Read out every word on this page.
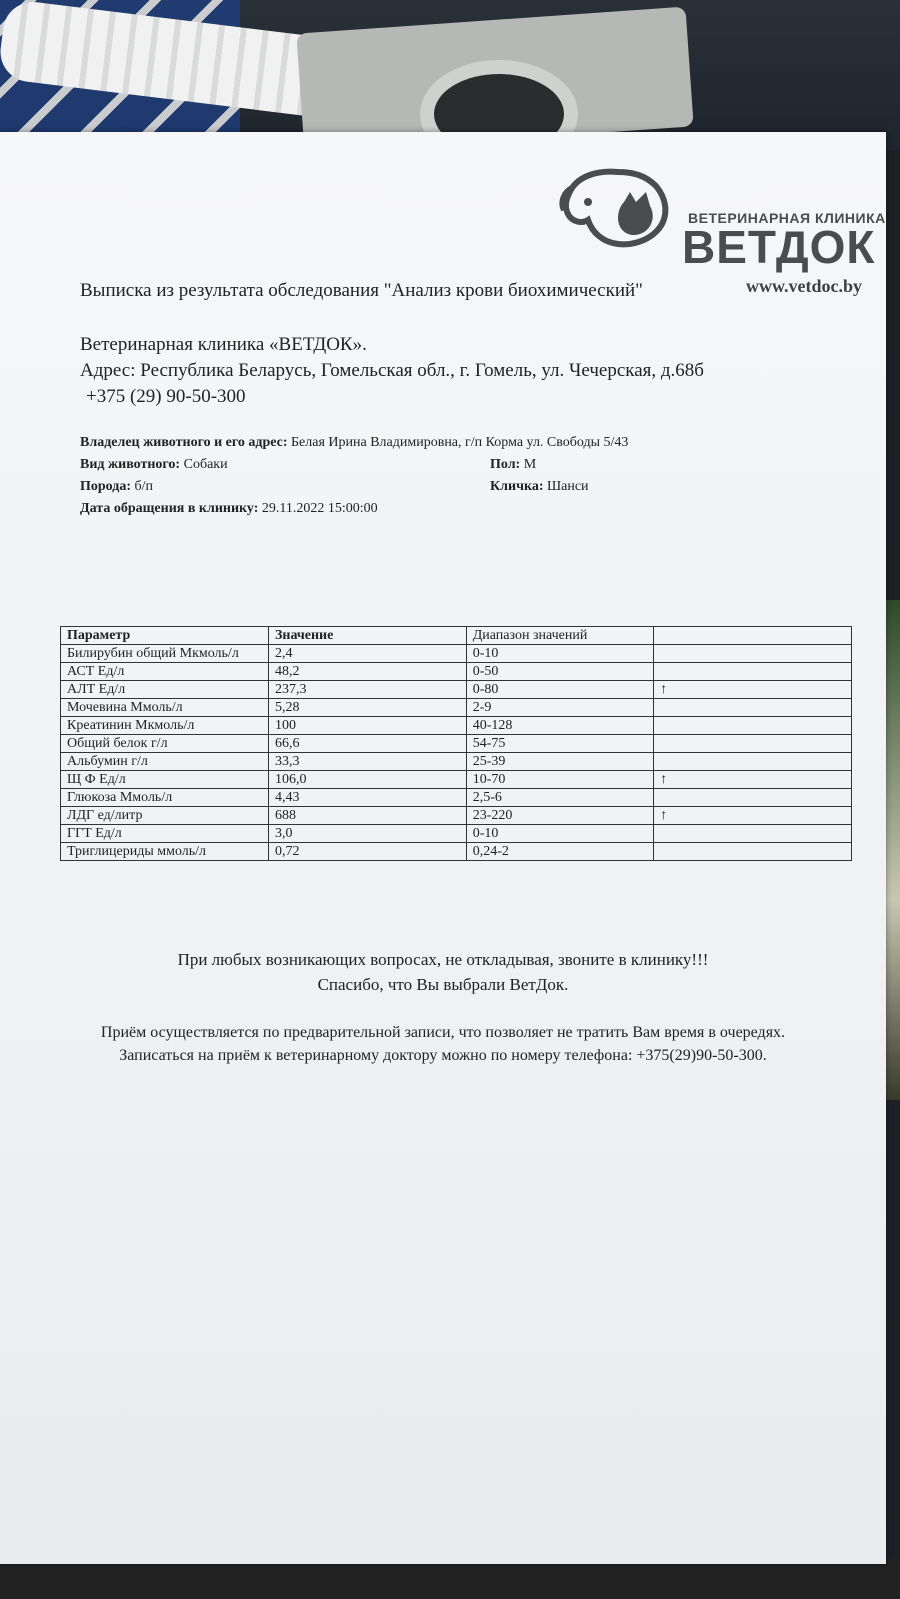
ВЕТЕРИНАРНАЯ КЛИНИКА
ВЕТДОК
www.vetdoc.by
Выписка из результата обследования "Анализ крови биохимический"
Ветеринарная клиника «ВЕТДОК».
Адрес: Республика Беларусь, Гомельская обл., г. Гомель, ул. Чечерская, д.68б
+375 (29) 90-50-300
Владелец животного и его адрес: Белая Ирина Владимировна, г/п Корма ул. Свободы 5/43
Вид животного: Собаки
Порода: б/п
Дата обращения в клинику: 29.11.2022 15:00:00
Пол: М
Кличка: Шанси
Параметр	Значение	Диапазон значений	
Билирубин общий Мкмоль/л	2,4	0-10	
АСТ Ед/л	48,2	0-50	
АЛТ Ед/л	237,3	0-80	↑
Мочевина Ммоль/л	5,28	2-9	
Креатинин Мкмоль/л	100	40-128	
Общий белок г/л	66,6	54-75	
Альбумин г/л	33,3	25-39	
Щ Ф Ед/л	106,0	10-70	↑
Глюкоза Ммоль/л	4,43	2,5-6	
ЛДГ ед/литр	688	23-220	↑
ГГТ Ед/л	3,0	0-10	
Триглицериды ммоль/л	0,72	0,24-2	
При любых возникающих вопросах, не откладывая, звоните в клинику!!!
Спасибо, что Вы выбрали ВетДок.
Приём осуществляется по предварительной записи, что позволяет не тратить Вам время в очередях.
Записаться на приём к ветеринарному доктору можно по номеру телефона: +375(29)90-50-300.
